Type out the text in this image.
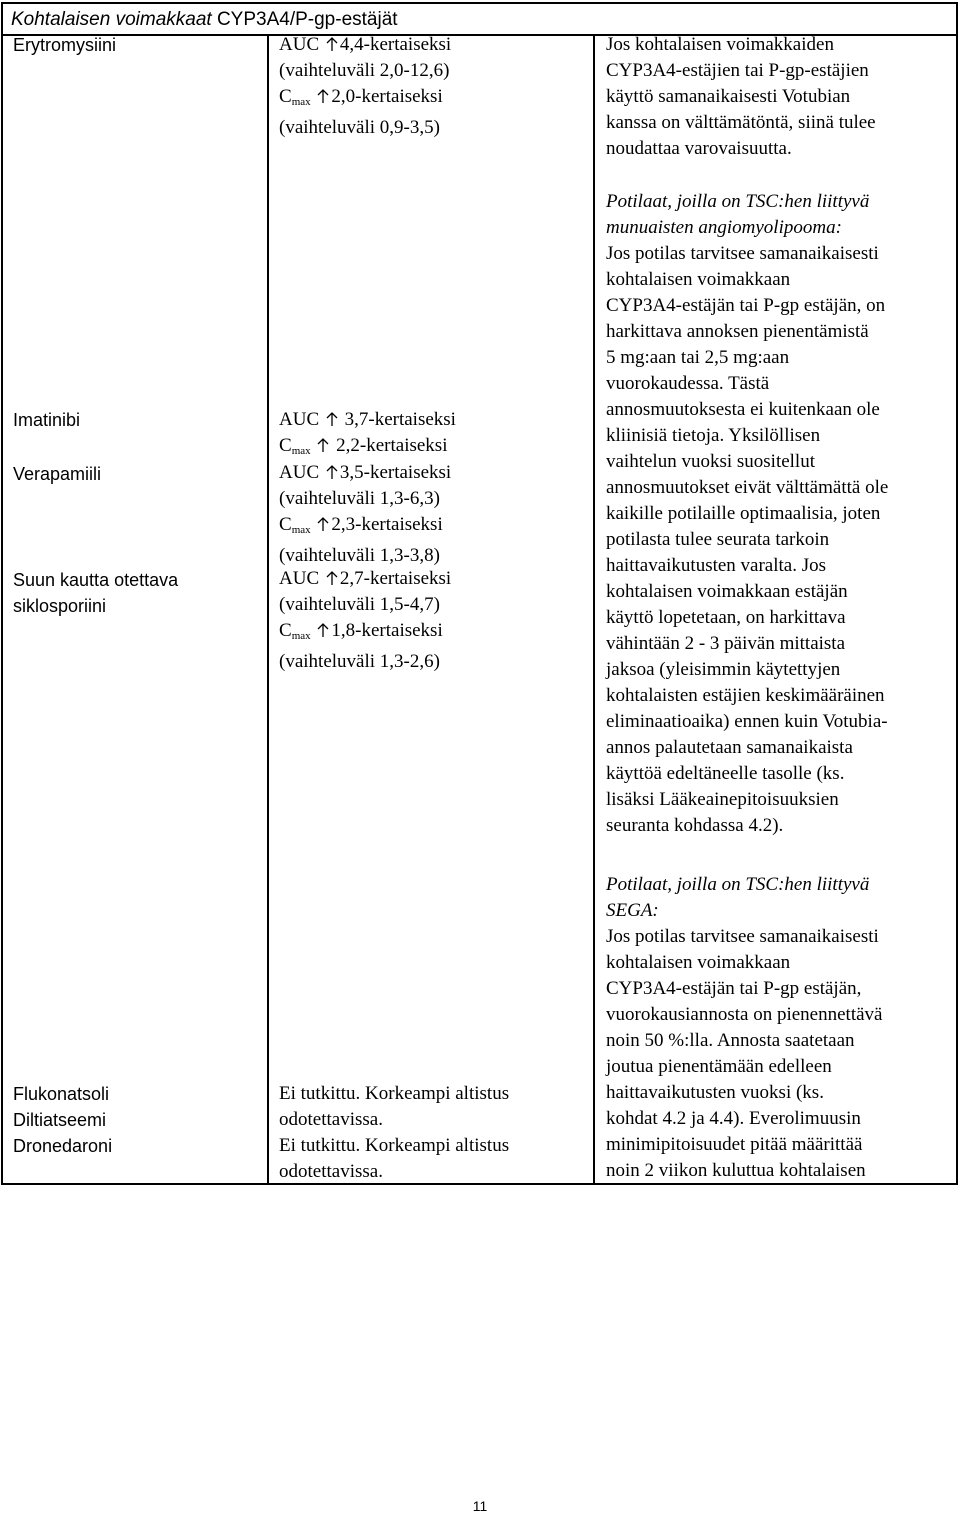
Kohtalaisen voimakkaat CYP3A4/P-gp-estäjät
Erytromysiini
Imatinibi
Verapamiili
Suun kautta otettava
siklosporiini
Flukonatsoli
Diltiatseemi
Dronedaroni
AUC 4,4-kertaiseksi
(vaihteluväli 2,0-12,6)
$C_{max}$ 2,0-kertaiseksi
(vaihteluväli 0,9-3,5)
AUC 3,7-kertaiseksi
$C_{max}$ 2,2-kertaiseksi
AUC 3,5-kertaiseksi
(vaihteluväli 1,3-6,3)
$C_{max}$ 2,3-kertaiseksi
(vaihteluväli 1,3-3,8)
AUC 2,7-kertaiseksi
(vaihteluväli 1,5-4,7)
$C_{max}$ 1,8-kertaiseksi
(vaihteluväli 1,3-2,6)
Ei tutkittu. Korkeampi altistus
odotettavissa.
Ei tutkittu. Korkeampi altistus
odotettavissa.
Jos kohtalaisen voimakkaiden
CYP3A4-estäjien tai P-gp-estäjien
käyttö samanaikaisesti Votubian
kanssa on välttämätöntä, siinä tulee
noudattaa varovaisuutta.
Potilaat, joilla on TSC:hen liittyvä
munuaisten angiomyolipooma:
Jos potilas tarvitsee samanaikaisesti
kohtalaisen voimakkaan
CYP3A4-estäjän tai P-gp estäjän, on
harkittava annoksen pienentämistä
5 mg:aan tai 2,5 mg:aan
vuorokaudessa. Tästä
annosmuutoksesta ei kuitenkaan ole
kliinisiä tietoja. Yksilöllisen
vaihtelun vuoksi suositellut
annosmuutokset eivät välttämättä ole
kaikille potilaille optimaalisia, joten
potilasta tulee seurata tarkoin
haittavaikutusten varalta. Jos
kohtalaisen voimakkaan estäjän
käyttö lopetetaan, on harkittava
vähintään 2 - 3 päivän mittaista
jaksoa (yleisimmin käytettyjen
kohtalaisten estäjien keskimääräinen
eliminaatioaika) ennen kuin Votubia-
annos palautetaan samanaikaista
käyttöä edeltäneelle tasolle (ks.
lisäksi Lääkeainepitoisuuksien
seuranta kohdassa 4.2).
Potilaat, joilla on TSC:hen liittyvä
SEGA:
Jos potilas tarvitsee samanaikaisesti
kohtalaisen voimakkaan
CYP3A4-estäjän tai P-gp estäjän,
vuorokausiannosta on pienennettävä
noin 50 %:lla. Annosta saatetaan
joutua pienentämään edelleen
haittavaikutusten vuoksi (ks.
kohdat 4.2 ja 4.4). Everolimuusin
minimipitoisuudet pitää määrittää
noin 2 viikon kuluttua kohtalaisen
11
